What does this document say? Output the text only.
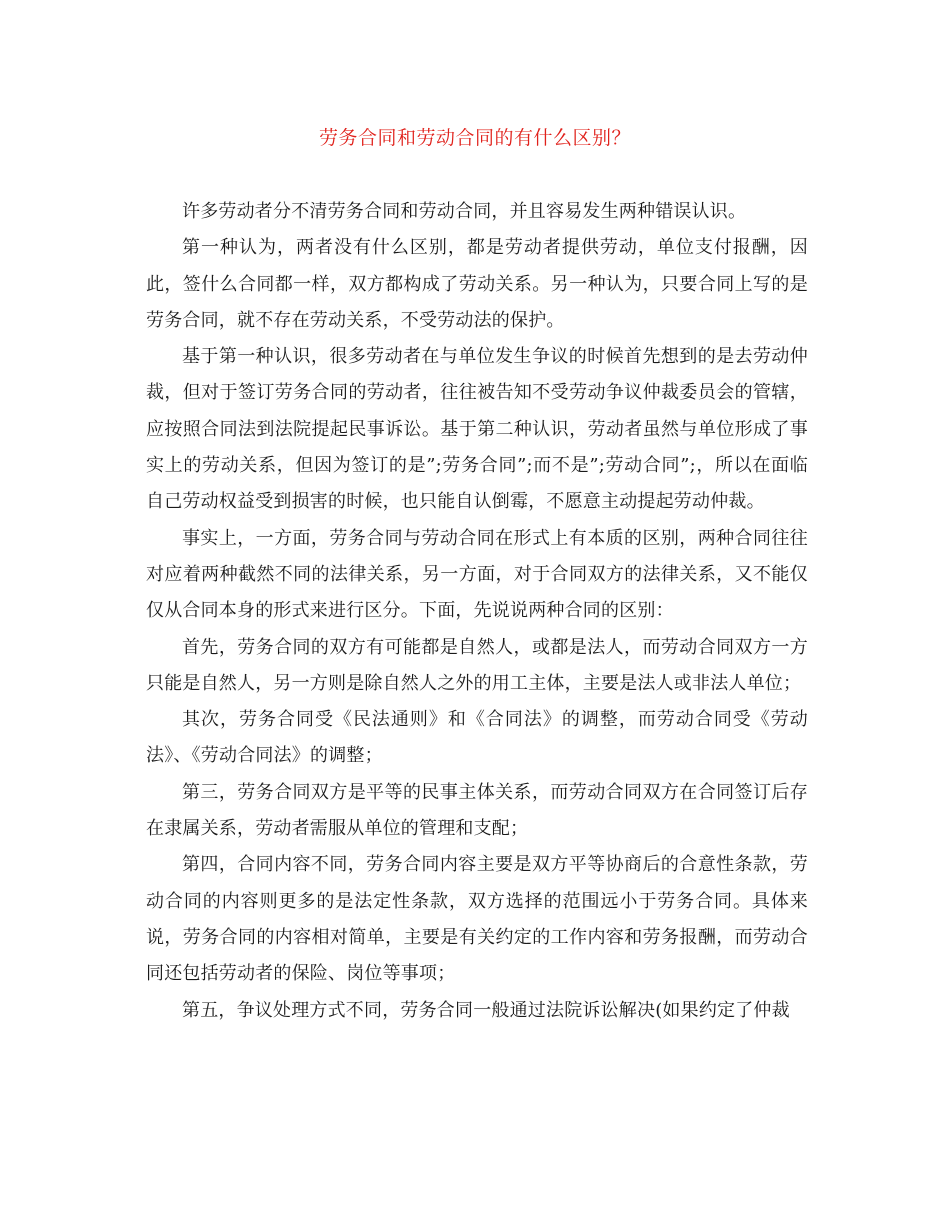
劳务合同和劳动合同的有什么区别？

许多劳动者分不清劳务合同和劳动合同，并且容易发生两种错误认识。

第一种认为，两者没有什么区别，都是劳动者提供劳动，单位支付报酬，因此，签什么合同都一样，双方都构成了劳动关系。另一种认为，只要合同上写的是劳务合同，就不存在劳动关系，不受劳动法的保护。

基于第一种认识，很多劳动者在与单位发生争议的时候首先想到的是去劳动仲裁，但对于签订劳务合同的劳动者，往往被告知不受劳动争议仲裁委员会的管辖，应按照合同法到法院提起民事诉讼。基于第二种认识，劳动者虽然与单位形成了事实上的劳动关系，但因为签订的是”;劳务合同”;而不是”;劳动合同”;，所以在面临自己劳动权益受到损害的时候，也只能自认倒霉，不愿意主动提起劳动仲裁。

事实上，一方面，劳务合同与劳动合同在形式上有本质的区别，两种合同往往对应着两种截然不同的法律关系，另一方面，对于合同双方的法律关系，又不能仅仅从合同本身的形式来进行区分。下面，先说说两种合同的区别：

首先，劳务合同的双方有可能都是自然人，或都是法人，而劳动合同双方一方只能是自然人，另一方则是除自然人之外的用工主体，主要是法人或非法人单位；

其次，劳务合同受《民法通则》和《合同法》的调整，而劳动合同受《劳动法》、《劳动合同法》的调整；

第三，劳务合同双方是平等的民事主体关系，而劳动合同双方在合同签订后存在隶属关系，劳动者需服从单位的管理和支配；

第四，合同内容不同，劳务合同内容主要是双方平等协商后的合意性条款，劳动合同的内容则更多的是法定性条款，双方选择的范围远小于劳务合同。具体来说，劳务合同的内容相对简单，主要是有关约定的工作内容和劳务报酬，而劳动合同还包括劳动者的保险、岗位等事项；

第五，争议处理方式不同，劳务合同一般通过法院诉讼解决(如果约定了仲裁
